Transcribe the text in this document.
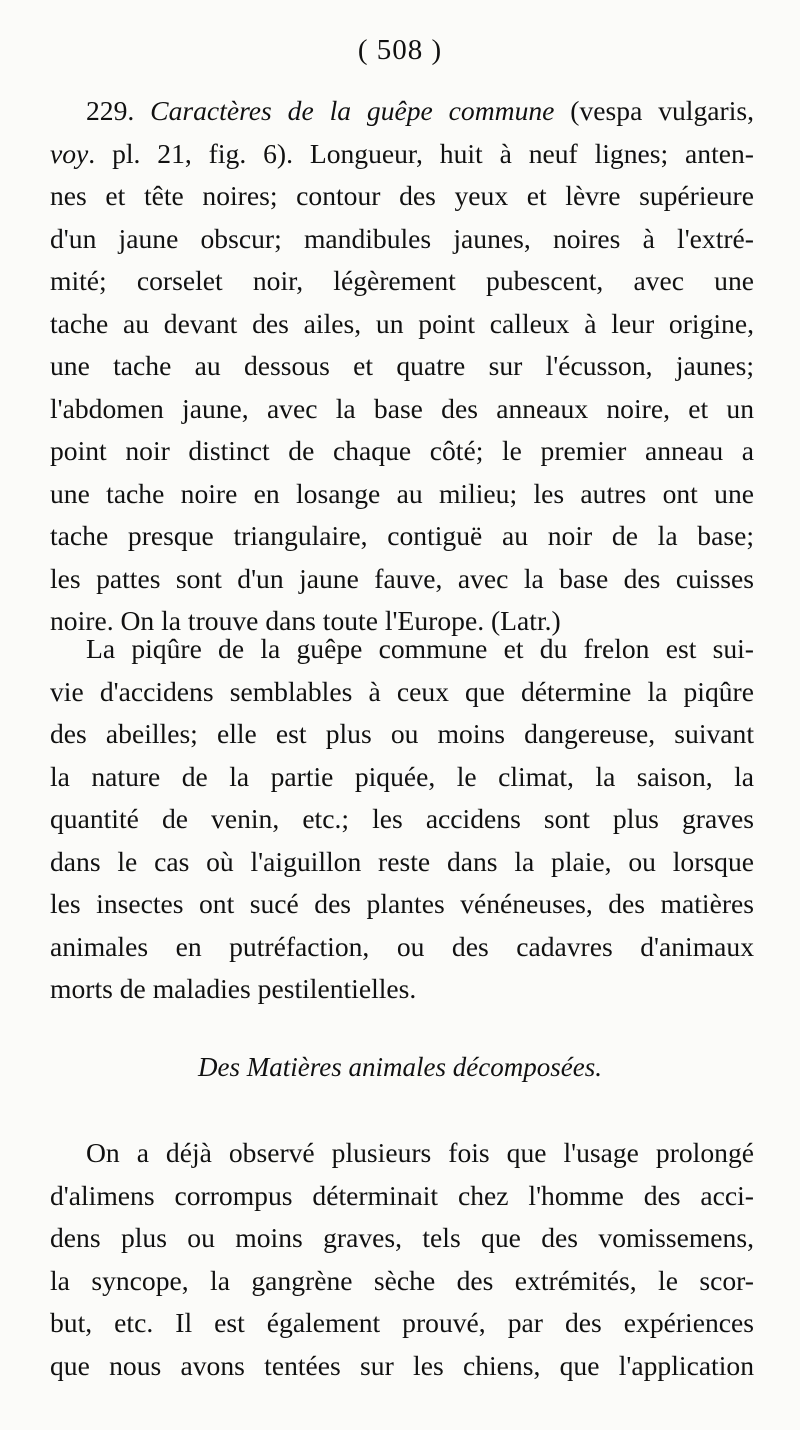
( 508 )
229. Caractères de la guêpe commune (vespa vulgaris,
voy. pl. 21, fig. 6). Longueur, huit à neuf lignes; anten-
nes et tête noires; contour des yeux et lèvre supérieure
d'un jaune obscur; mandibules jaunes, noires à l'extré-
mité; corselet noir, légèrement pubescent, avec une
tache au devant des ailes, un point calleux à leur origine,
une tache au dessous et quatre sur l'écusson, jaunes;
l'abdomen jaune, avec la base des anneaux noire, et un
point noir distinct de chaque côté; le premier anneau a
une tache noire en losange au milieu; les autres ont une
tache presque triangulaire, contiguë au noir de la base;
les pattes sont d'un jaune fauve, avec la base des cuisses
noire. On la trouve dans toute l'Europe. (Latr.)
La piqûre de la guêpe commune et du frelon est sui-
vie d'accidens semblables à ceux que détermine la piqûre
des abeilles; elle est plus ou moins dangereuse, suivant
la nature de la partie piquée, le climat, la saison, la
quantité de venin, etc.; les accidens sont plus graves
dans le cas où l'aiguillon reste dans la plaie, ou lorsque
les insectes ont sucé des plantes vénéneuses, des matières
animales en putréfaction, ou des cadavres d'animaux
morts de maladies pestilentielles.
Des Matières animales décomposées.
On a déjà observé plusieurs fois que l'usage prolongé
d'alimens corrompus déterminait chez l'homme des acci-
dens plus ou moins graves, tels que des vomissemens,
la syncope, la gangrène sèche des extrémités, le scor-
but, etc. Il est également prouvé, par des expériences
que nous avons tentées sur les chiens, que l'application
